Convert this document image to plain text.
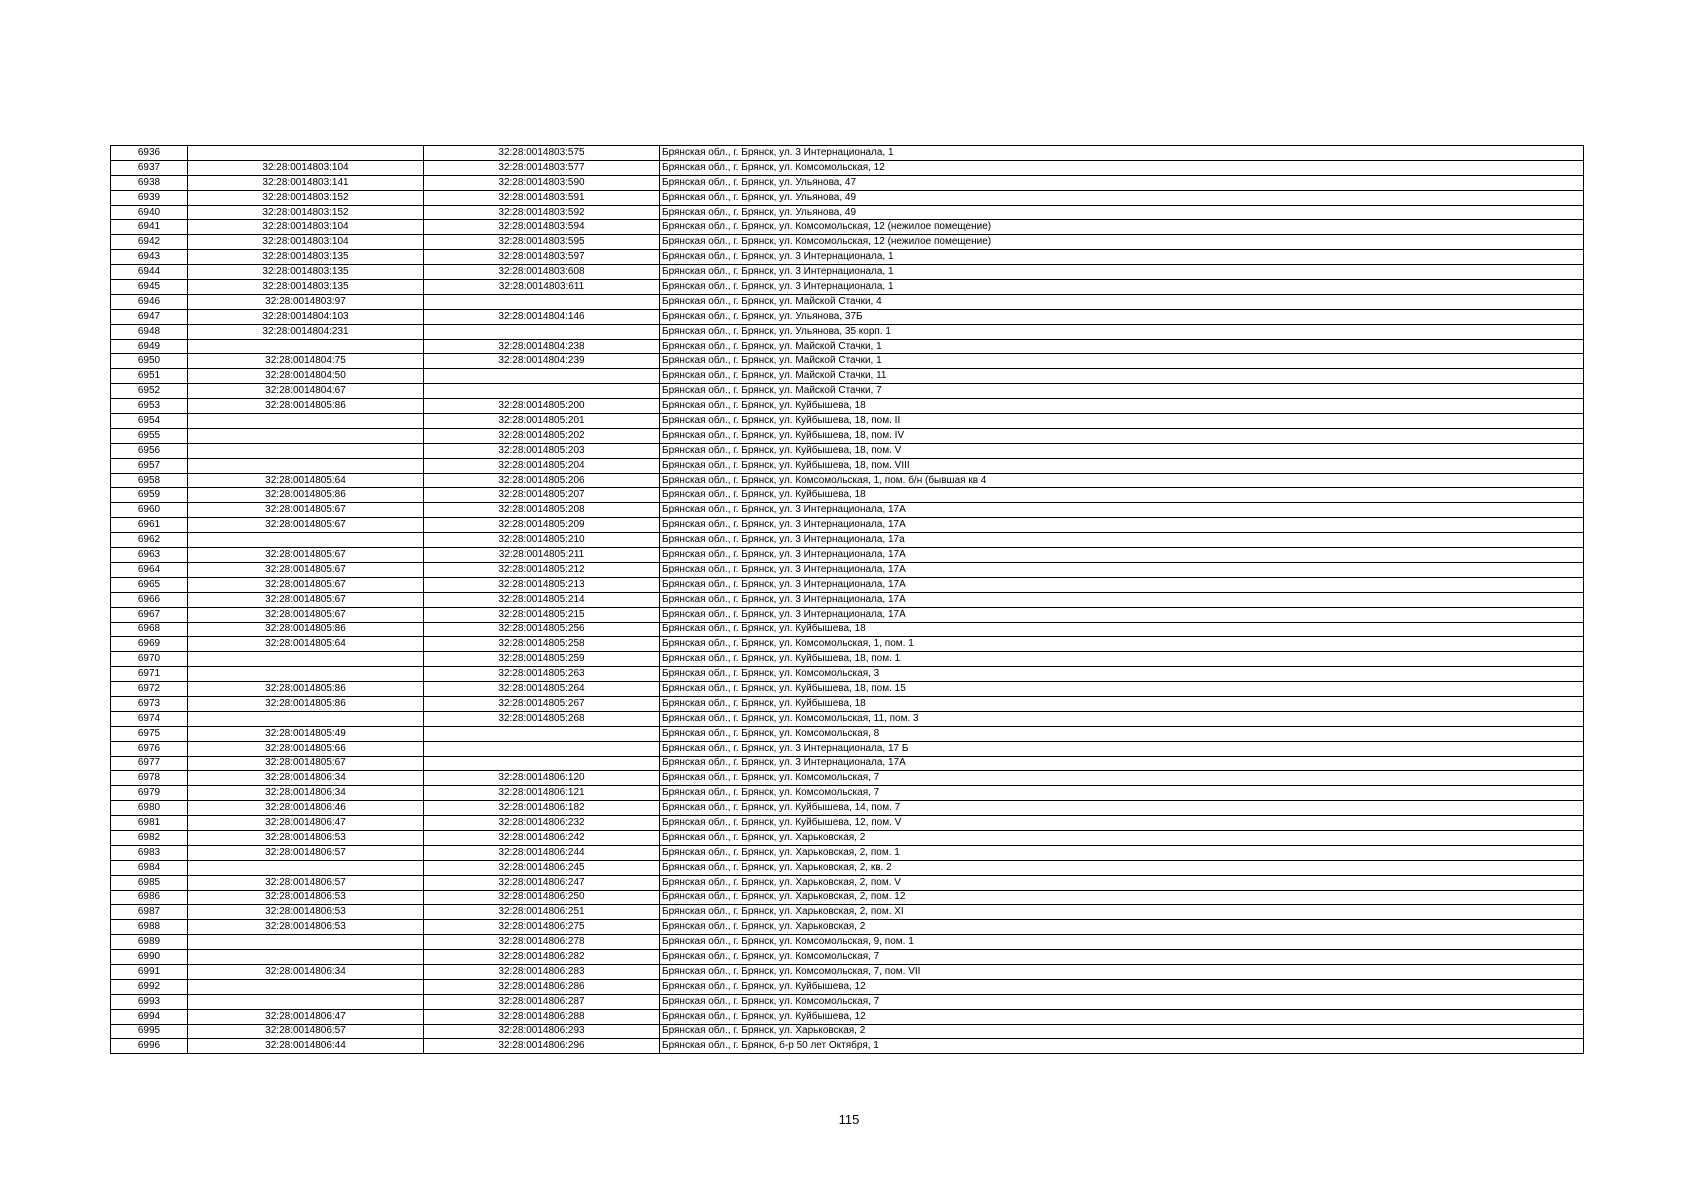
6936		32:28:0014803:575	Брянская обл., г. Брянск, ул. 3 Интернационала, 1
6937	32:28:0014803:104	32:28:0014803:577	Брянская обл., г. Брянск, ул. Комсомольская, 12
6938	32:28:0014803:141	32:28:0014803:590	Брянская обл., г. Брянск, ул. Ульянова, 47
6939	32:28:0014803:152	32:28:0014803:591	Брянская обл., г. Брянск, ул. Ульянова, 49
6940	32:28:0014803:152	32:28:0014803:592	Брянская обл., г. Брянск, ул. Ульянова, 49
6941	32:28:0014803:104	32:28:0014803:594	Брянская обл., г. Брянск, ул. Комсомольская, 12 (нежилое помещение)
6942	32:28:0014803:104	32:28:0014803:595	Брянская обл., г. Брянск, ул. Комсомольская, 12 (нежилое помещение)
6943	32:28:0014803:135	32:28:0014803:597	Брянская обл., г. Брянск, ул. 3 Интернационала, 1
6944	32:28:0014803:135	32:28:0014803:608	Брянская обл., г. Брянск, ул. 3 Интернационала, 1
6945	32:28:0014803:135	32:28:0014803:611	Брянская обл., г. Брянск, ул. 3 Интернационала, 1
6946	32:28:0014803:97		Брянская обл., г. Брянск, ул. Майской Стачки, 4
6947	32:28:0014804:103	32:28:0014804:146	Брянская обл., г. Брянск, ул. Ульянова, 37Б
6948	32:28:0014804:231		Брянская обл., г. Брянск, ул. Ульянова, 35 корп. 1
6949		32:28:0014804:238	Брянская обл., г. Брянск, ул. Майской Стачки, 1
6950	32:28:0014804:75	32:28:0014804:239	Брянская обл., г. Брянск, ул. Майской Стачки, 1
6951	32:28:0014804:50		Брянская обл., г. Брянск, ул. Майской Стачки, 11
6952	32:28:0014804:67		Брянская обл., г. Брянск, ул. Майской Стачки, 7
6953	32:28:0014805:86	32:28:0014805:200	Брянская обл., г. Брянск, ул. Куйбышева, 18
6954		32:28:0014805:201	Брянская обл., г. Брянск, ул. Куйбышева, 18, пом. II
6955		32:28:0014805:202	Брянская обл., г. Брянск, ул. Куйбышева, 18, пом. IV
6956		32:28:0014805:203	Брянская обл., г. Брянск, ул. Куйбышева, 18, пом. V
6957		32:28:0014805:204	Брянская обл., г. Брянск, ул. Куйбышева, 18, пом. VIII
6958	32:28:0014805:64	32:28:0014805:206	Брянская обл., г. Брянск, ул. Комсомольская, 1, пом. б/н (бывшая кв 4
6959	32:28:0014805:86	32:28:0014805:207	Брянская обл., г. Брянск, ул. Куйбышева, 18
6960	32:28:0014805:67	32:28:0014805:208	Брянская обл., г. Брянск, ул. 3 Интернационала, 17А
6961	32:28:0014805:67	32:28:0014805:209	Брянская обл., г. Брянск, ул. 3 Интернационала, 17А
6962		32:28:0014805:210	Брянская обл., г. Брянск, ул. 3 Интернационала, 17а
6963	32:28:0014805:67	32:28:0014805:211	Брянская обл., г. Брянск, ул. 3 Интернационала, 17А
6964	32:28:0014805:67	32:28:0014805:212	Брянская обл., г. Брянск, ул. 3 Интернационала, 17А
6965	32:28:0014805:67	32:28:0014805:213	Брянская обл., г. Брянск, ул. 3 Интернационала, 17А
6966	32:28:0014805:67	32:28:0014805:214	Брянская обл., г. Брянск, ул. 3 Интернационала, 17А
6967	32:28:0014805:67	32:28:0014805:215	Брянская обл., г. Брянск, ул. 3 Интернационала, 17А
6968	32:28:0014805:86	32:28:0014805:256	Брянская обл., г. Брянск, ул. Куйбышева, 18
6969	32:28:0014805:64	32:28:0014805:258	Брянская обл., г. Брянск, ул. Комсомольская, 1, пом. 1
6970		32:28:0014805:259	Брянская обл., г. Брянск, ул. Куйбышева, 18, пом. 1
6971		32:28:0014805:263	Брянская обл., г. Брянск, ул. Комсомольская, 3
6972	32:28:0014805:86	32:28:0014805:264	Брянская обл., г. Брянск, ул. Куйбышева, 18, пом. 15
6973	32:28:0014805:86	32:28:0014805:267	Брянская обл., г. Брянск, ул. Куйбышева, 18
6974		32:28:0014805:268	Брянская обл., г. Брянск, ул. Комсомольская, 11, пом. 3
6975	32:28:0014805:49		Брянская обл., г. Брянск, ул. Комсомольская, 8
6976	32:28:0014805:66		Брянская обл., г. Брянск, ул. 3 Интернационала, 17 Б
6977	32:28:0014805:67		Брянская обл., г. Брянск, ул. 3 Интернационала, 17А
6978	32:28:0014806:34	32:28:0014806:120	Брянская обл., г. Брянск, ул. Комсомольская, 7
6979	32:28:0014806:34	32:28:0014806:121	Брянская обл., г. Брянск, ул. Комсомольская, 7
6980	32:28:0014806:46	32:28:0014806:182	Брянская обл., г. Брянск, ул. Куйбышева, 14, пом. 7
6981	32:28:0014806:47	32:28:0014806:232	Брянская обл., г. Брянск, ул. Куйбышева, 12, пом. V
6982	32:28:0014806:53	32:28:0014806:242	Брянская обл., г. Брянск, ул. Харьковская, 2
6983	32:28:0014806:57	32:28:0014806:244	Брянская обл., г. Брянск, ул. Харьковская, 2, пом. 1
6984		32:28:0014806:245	Брянская обл., г. Брянск, ул. Харьковская, 2, кв. 2
6985	32:28:0014806:57	32:28:0014806:247	Брянская обл., г. Брянск, ул. Харьковская, 2, пом. V
6986	32:28:0014806:53	32:28:0014806:250	Брянская обл., г. Брянск, ул. Харьковская, 2, пом. 12
6987	32:28:0014806:53	32:28:0014806:251	Брянская обл., г. Брянск, ул. Харьковская, 2, пом. XI
6988	32:28:0014806:53	32:28:0014806:275	Брянская обл., г. Брянск, ул. Харьковская, 2
6989		32:28:0014806:278	Брянская обл., г. Брянск, ул. Комсомольская, 9, пом. 1
6990		32:28:0014806:282	Брянская обл., г. Брянск, ул. Комсомольская, 7
6991	32:28:0014806:34	32:28:0014806:283	Брянская обл., г. Брянск, ул. Комсомольская, 7, пом. VII
6992		32:28:0014806:286	Брянская обл., г. Брянск, ул. Куйбышева, 12
6993		32:28:0014806:287	Брянская обл., г. Брянск, ул. Комсомольская, 7
6994	32:28:0014806:47	32:28:0014806:288	Брянская обл., г. Брянск, ул. Куйбышева, 12
6995	32:28:0014806:57	32:28:0014806:293	Брянская обл., г. Брянск, ул. Харьковская, 2
6996	32:28:0014806:44	32:28:0014806:296	Брянская обл., г. Брянск, б-р 50 лет Октября, 1
115
